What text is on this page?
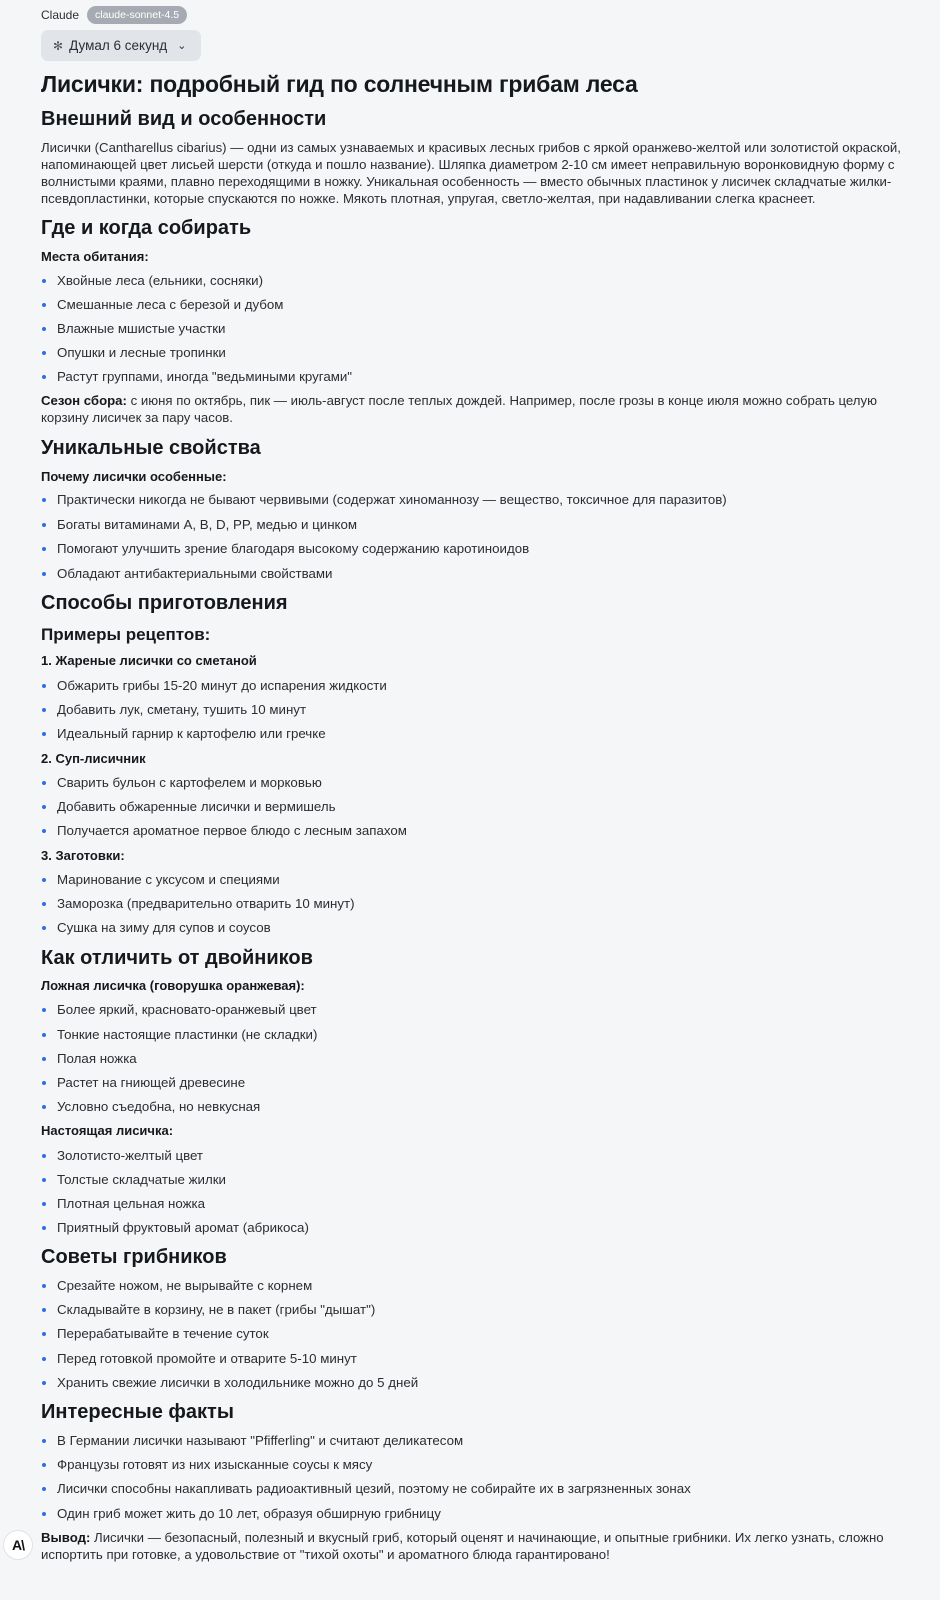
Claude	claude-sonnet-4.5
✻ Думал 6 секунд ⌄
Лисички: подробный гид по солнечным грибам леса
Внешний вид и особенности

Лисички (Cantharellus cibarius) — одни из самых узнаваемых и красивых лесных грибов с яркой оранжево-желтой или золотистой окраской,

напоминающей цвет лисьей шерсти (откуда и пошло название). Шляпка диаметром 2-10 см имеет неправильную воронковидную форму с

волнистыми краями, плавно переходящими в ножку. Уникальная особенность — вместо обычных пластинок у лисичек складчатые жилки-

псевдопластинки, которые спускаются по ножке. Мякоть плотная, упругая, светло-желтая, при надавливании слегка краснеет.

Где и когда собирать
Места обитания:
Хвойные леса (ельники, сосняки)
Смешанные леса с березой и дубом
Влажные мшистые участки
Опушки и лесные тропинки
Растут группами, иногда "ведьмиными кругами"

Сезон сбора: с июня по октябрь, пик — июль-август после теплых дождей. Например, после грозы в конце июля можно собрать целую

корзину лисичек за пару часов.

Уникальные свойства
Почему лисички особенные:
Практически никогда не бывают червивыми (содержат хиноманнозу — вещество, токсичное для паразитов)
Богаты витаминами A, B, D, PP, медью и цинком
Помогают улучшить зрение благодаря высокому содержанию каротиноидов
Обладают антибактериальными свойствами
Способы приготовления
Примеры рецептов:
1. Жареные лисички со сметаной
Обжарить грибы 15-20 минут до испарения жидкости
Добавить лук, сметану, тушить 10 минут
Идеальный гарнир к картофелю или гречке
2. Суп-лисичник
Сварить бульон с картофелем и морковью
Добавить обжаренные лисички и вермишель
Получается ароматное первое блюдо с лесным запахом
3. Заготовки:
Маринование с уксусом и специями
Заморозка (предварительно отварить 10 минут)
Сушка на зиму для супов и соусов
Как отличить от двойников
Ложная лисичка (говорушка оранжевая):
Более яркий, красновато-оранжевый цвет
Тонкие настоящие пластинки (не складки)
Полая ножка
Растет на гниющей древесине
Условно съедобна, но невкусная
Настоящая лисичка:
Золотисто-желтый цвет
Толстые складчатые жилки
Плотная цельная ножка
Приятный фруктовый аромат (абрикоса)
Советы грибников
Срезайте ножом, не вырывайте с корнем
Складывайте в корзину, не в пакет (грибы "дышат")
Перерабатывайте в течение суток
Перед готовкой промойте и отварите 5-10 минут
Хранить свежие лисички в холодильнике можно до 5 дней
Интересные факты
В Германии лисички называют "Pfifferling" и считают деликатесом
Французы готовят из них изысканные соусы к мясу
Лисички способны накапливать радиоактивный цезий, поэтому не собирайте их в загрязненных зонах
Один гриб может жить до 10 лет, образуя обширную грибницу
A\	Вывод: Лисички — безопасный, полезный и вкусный гриб, который оценят и начинающие, и опытные грибники. Их легко узнать, сложно

испортить при готовке, а удовольствие от "тихой охоты" и ароматного блюда гарантировано!
